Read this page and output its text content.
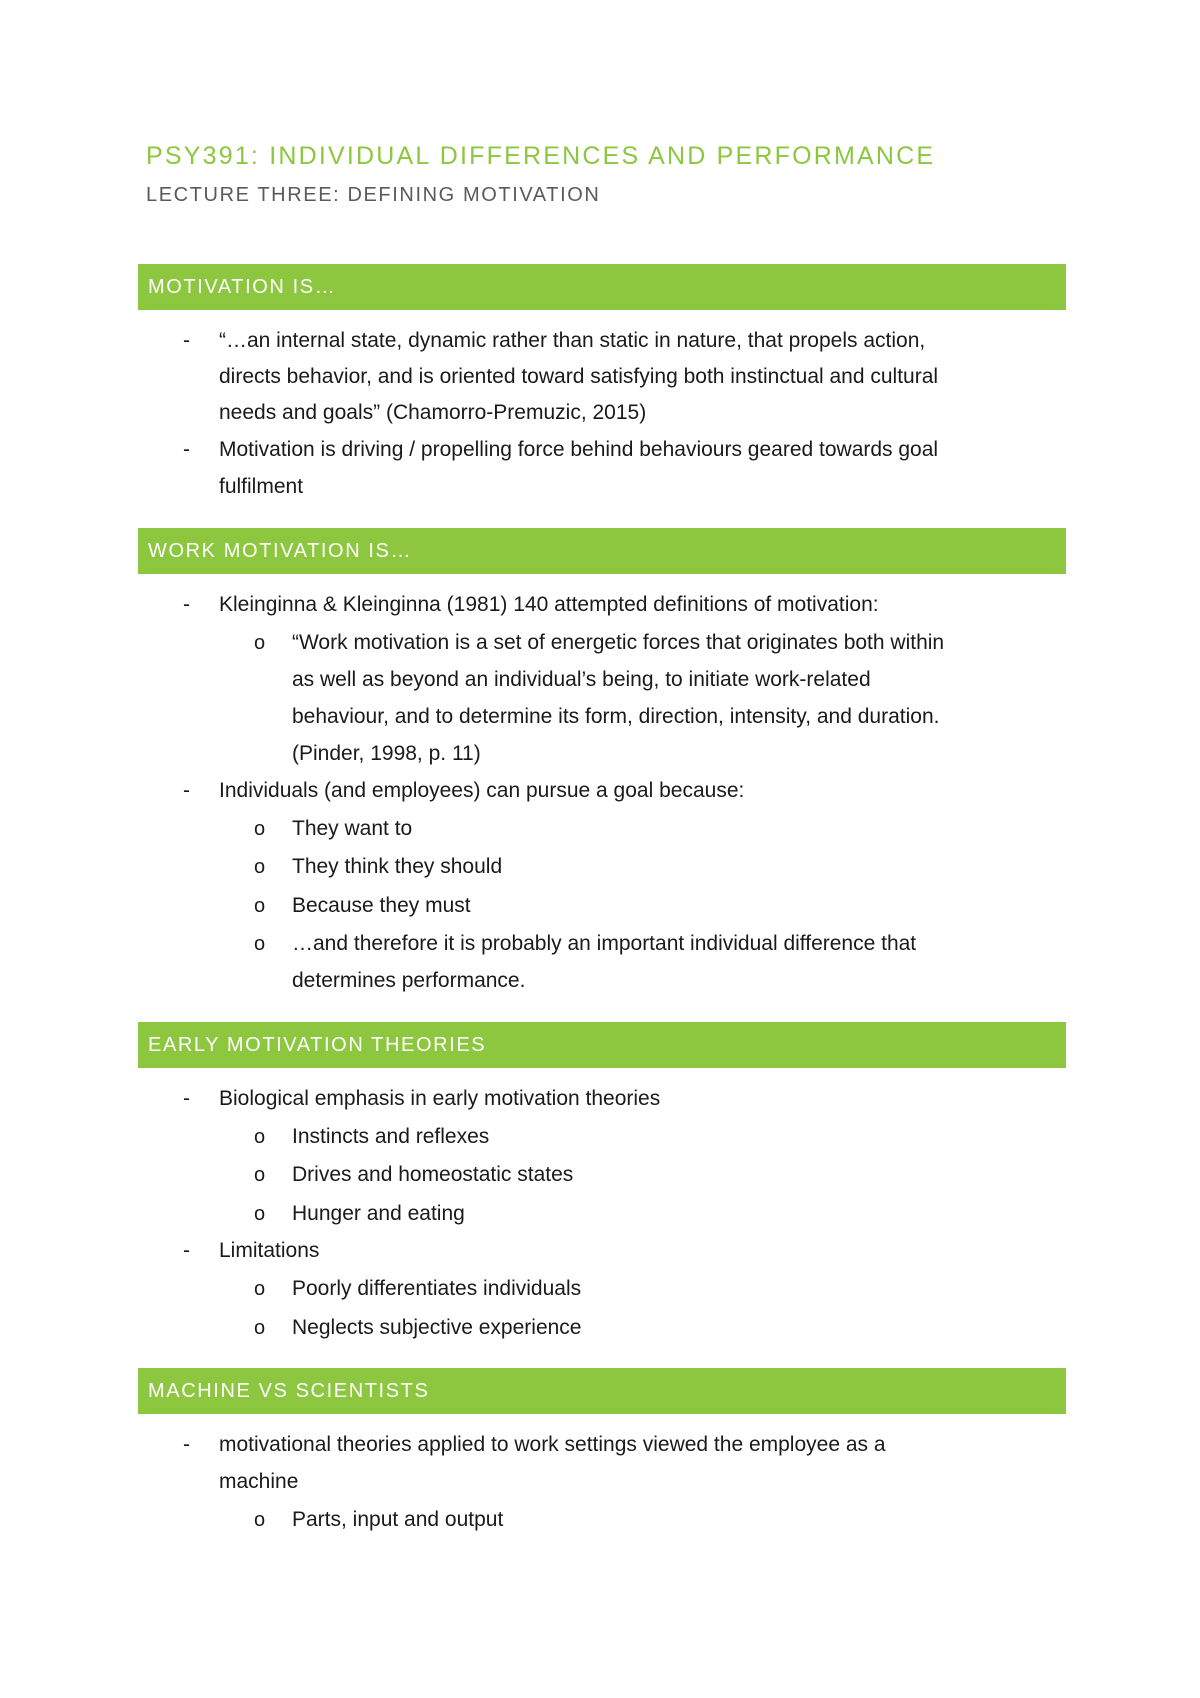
PSY391: INDIVIDUAL DIFFERENCES AND PERFORMANCE
LECTURE THREE: DEFINING MOTIVATION
MOTIVATION IS…
- “…an internal state, dynamic rather than static in nature, that propels action,
directs behavior, and is oriented toward satisfying both instinctual and cultural
needs and goals” (Chamorro-Premuzic, 2015)
- Motivation is driving / propelling force behind behaviours geared towards goal
fulfilment
WORK MOTIVATION IS…
- Kleinginna & Kleinginna (1981) 140 attempted definitions of motivation:
o “Work motivation is a set of energetic forces that originates both within
as well as beyond an individual’s being, to initiate work-related
behaviour, and to determine its form, direction, intensity, and duration.
(Pinder, 1998, p. 11)
- Individuals (and employees) can pursue a goal because:
o They want to
o They think they should
o Because they must
o …and therefore it is probably an important individual difference that
determines performance.
EARLY MOTIVATION THEORIES
- Biological emphasis in early motivation theories
o Instincts and reflexes
o Drives and homeostatic states
o Hunger and eating
- Limitations
o Poorly differentiates individuals
o Neglects subjective experience
MACHINE VS SCIENTISTS
- motivational theories applied to work settings viewed the employee as a
machine
o Parts, input and output
